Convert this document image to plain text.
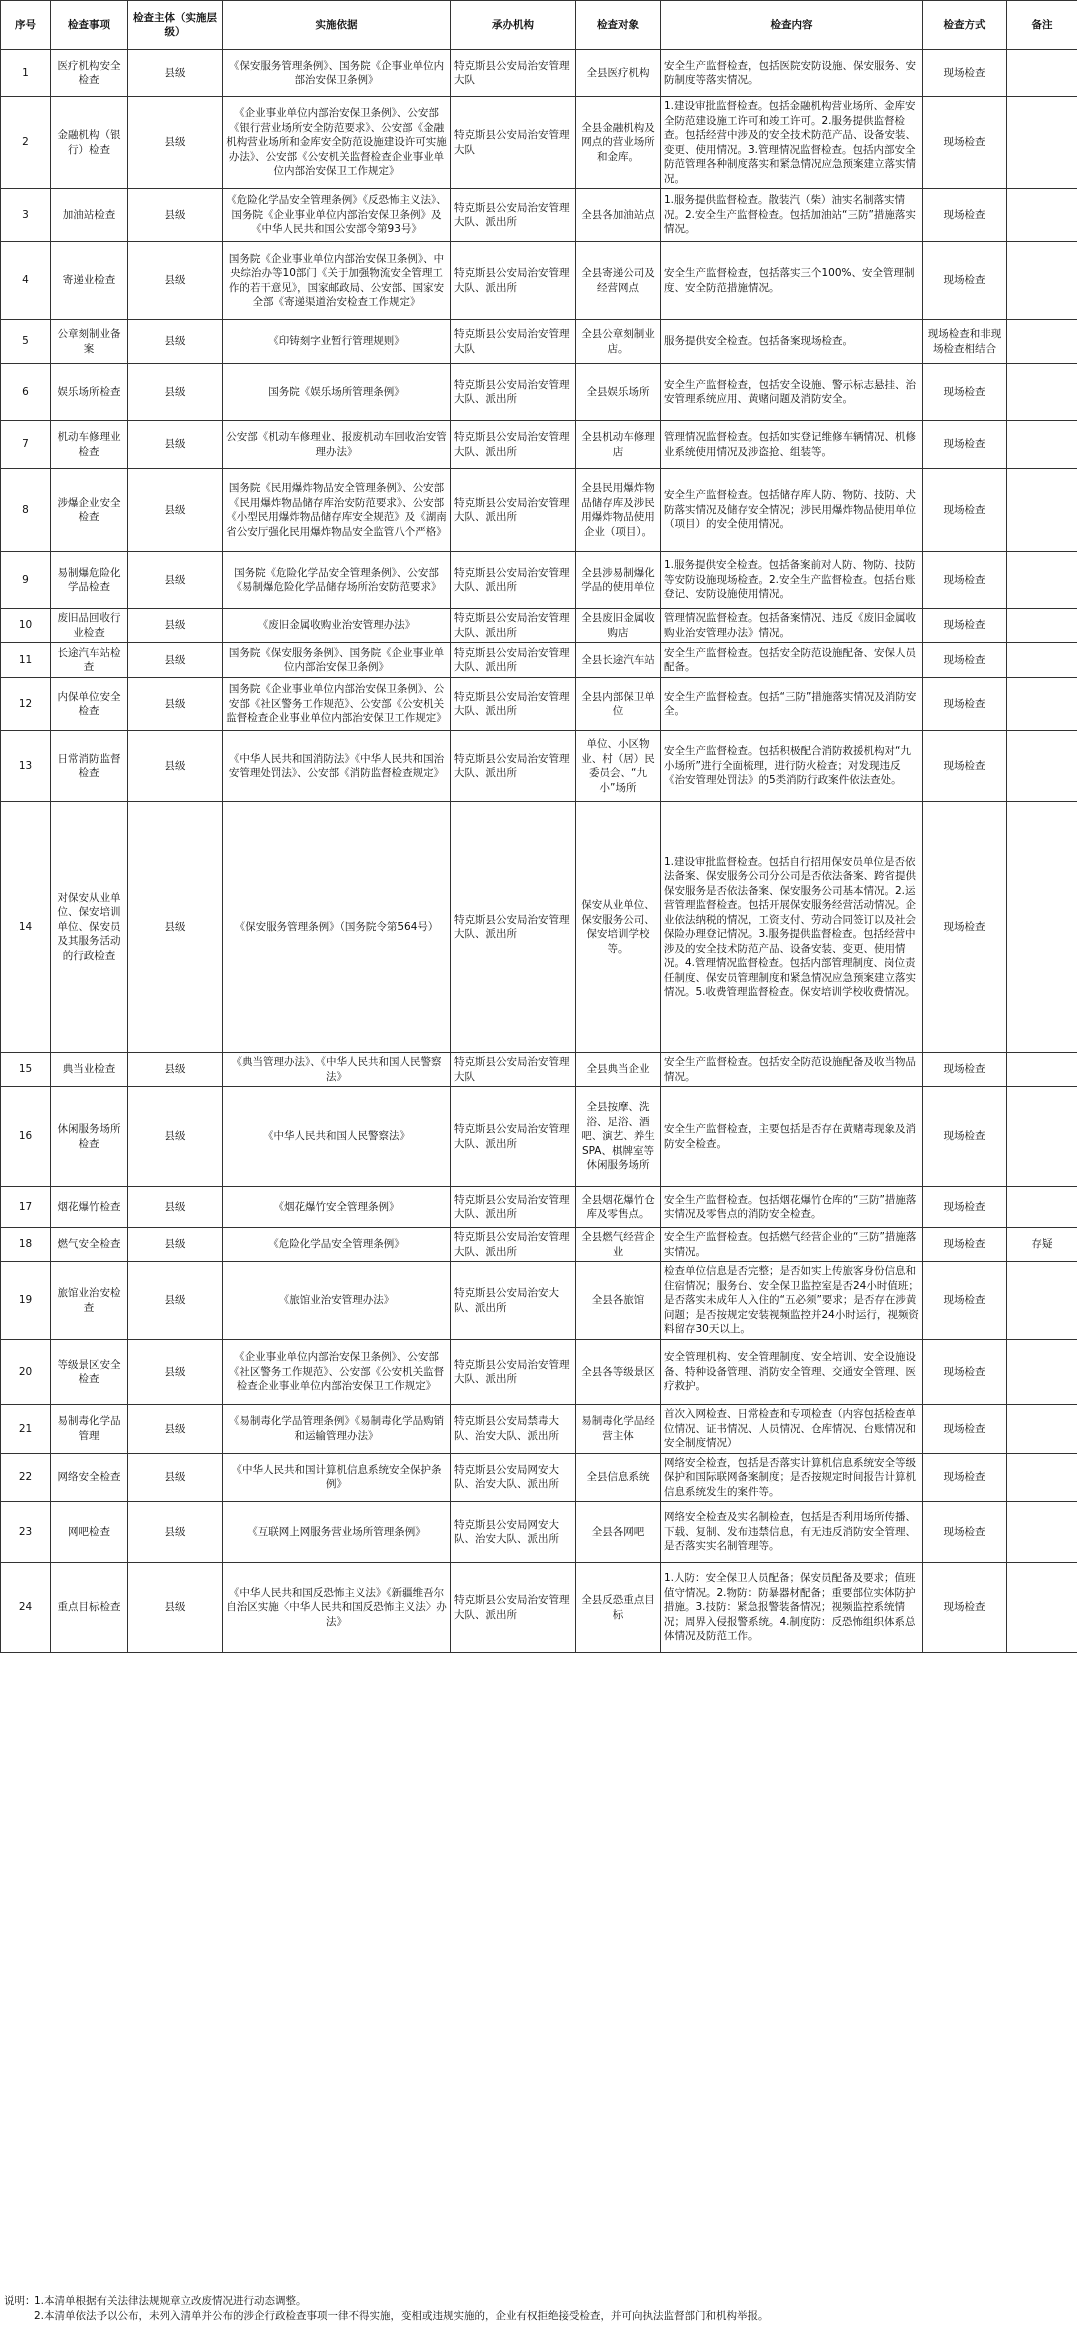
序号	检查事项	检查主体（实施层级）	实施依据	承办机构	检查对象	检查内容	检查方式	备注
1	医疗机构安全检查	县级	《保安服务管理条例》、国务院《企事业单位内部治安保卫条例》	特克斯县公安局治安管理大队	全县医疗机构	安全生产监督检查，包括医院安防设施、保安服务、安防制度等落实情况。	现场检查	
2	金融机构（银行）检查	县级	《企业事业单位内部治安保卫条例》、公安部《银行营业场所安全防范要求》、公安部《金融机构营业场所和金库安全防范设施建设许可实施办法》、公安部《公安机关监督检查企业事业单位内部治安保卫工作规定》	特克斯县公安局治安管理大队	全县金融机构及网点的营业场所和金库。	1.建设审批监督检查。包括金融机构营业场所、金库安全防范建设施工许可和竣工许可。2.服务提供监督检查。包括经营中涉及的安全技术防范产品、设备安装、变更、使用情况。3.管理情况监督检查。包括内部安全防范管理各种制度落实和紧急情况应急预案建立落实情况。	现场检查	
3	加油站检查	县级	《危险化学品安全管理条例》《反恐怖主义法》、国务院《企业事业单位内部治安保卫条例》及《中华人民共和国公安部令第93号》	特克斯县公安局治安管理大队、派出所	全县各加油站点	1.服务提供监督检查。散装汽（柴）油实名制落实情况。2.安全生产监督检查。包括加油站“三防”措施落实情况。	现场检查	
4	寄递业检查	县级	国务院《企业事业单位内部治安保卫条例》、中央综治办等10部门《关于加强物流安全管理工作的若干意见》，国家邮政局、公安部、国家安全部《寄递渠道治安检查工作规定》	特克斯县公安局治安管理大队、派出所	全县寄递公司及经营网点	安全生产监督检查，包括落实三个100%、安全管理制度、安全防范措施情况。	现场检查	
5	公章刻制业备案	县级	《印铸刻字业暂行管理规则》	特克斯县公安局治安管理大队	全县公章刻制业店。	服务提供安全检查。包括备案现场检查。	现场检查和非现场检查相结合	
6	娱乐场所检查	县级	国务院《娱乐场所管理条例》	特克斯县公安局治安管理大队、派出所	全县娱乐场所	安全生产监督检查，包括安全设施、警示标志悬挂、治安管理系统应用、黄赌问题及消防安全。	现场检查	
7	机动车修理业检查	县级	公安部《机动车修理业、报废机动车回收治安管理办法》	特克斯县公安局治安管理大队、派出所	全县机动车修理店	管理情况监督检查。包括如实登记维修车辆情况、机修业系统使用情况及涉盗抢、组装等。	现场检查	
8	涉爆企业安全检查	县级	国务院《民用爆炸物品安全管理条例》、公安部《民用爆炸物品储存库治安防范要求》、公安部《小型民用爆炸物品储存库安全规范》及《湖南省公安厅强化民用爆炸物品安全监管八个严格》	特克斯县公安局治安管理大队、派出所	全县民用爆炸物品储存库及涉民用爆炸物品使用企业（项目）。	安全生产监督检查。包括储存库人防、物防、技防、犬防落实情况及储存安全情况；涉民用爆炸物品使用单位（项目）的安全使用情况。	现场检查	
9	易制爆危险化学品检查	县级	国务院《危险化学品安全管理条例》、公安部《易制爆危险化学品储存场所治安防范要求》	特克斯县公安局治安管理大队、派出所	全县涉易制爆化学品的使用单位	1.服务提供安全检查。包括备案前对人防、物防、技防等安防设施现场检查。2.安全生产监督检查。包括台账登记、安防设施使用情况。	现场检查	
10	废旧品回收行业检查	县级	《废旧金属收购业治安管理办法》	特克斯县公安局治安管理大队、派出所	全县废旧金属收购店	管理情况监督检查。包括备案情况、违反《废旧金属收购业治安管理办法》情况。	现场检查	
11	长途汽车站检查	县级	国务院《保安服务条例》、国务院《企业事业单位内部治安保卫条例》	特克斯县公安局治安管理大队、派出所	全县长途汽车站	安全生产监督检查。包括安全防范设施配备、安保人员配备。	现场检查	
12	内保单位安全检查	县级	国务院《企业事业单位内部治安保卫条例》、公安部《社区警务工作规范》、公安部《公安机关监督检查企业事业单位内部治安保卫工作规定》	特克斯县公安局治安管理大队、派出所	全县内部保卫单位	安全生产监督检查。包括“三防”措施落实情况及消防安全。	现场检查	
13	日常消防监督检查	县级	《中华人民共和国消防法》《中华人民共和国治安管理处罚法》、公安部《消防监督检查规定》	特克斯县公安局治安管理大队、派出所	单位、小区物业、村（居）民委员会、“九小”场所	安全生产监督检查。包括积极配合消防救援机构对“九小场所”进行全面梳理，进行防火检查；对发现违反《治安管理处罚法》的5类消防行政案件依法查处。	现场检查	
14	对保安从业单位、保安培训单位、保安员及其服务活动的行政检查	县级	《保安服务管理条例》（国务院令第564号）	特克斯县公安局治安管理大队、派出所	保安从业单位、保安服务公司、保安培训学校等。	1.建设审批监督检查。包括自行招用保安员单位是否依法备案、保安服务公司分公司是否依法备案、跨省提供保安服务是否依法备案、保安服务公司基本情况。2.运营管理监督检查。包括开展保安服务经营活动情况。企业依法纳税的情况，工资支付、劳动合同签订以及社会保险办理登记情况。3.服务提供监督检查。包括经营中涉及的安全技术防范产品、设备安装、变更、使用情况。4.管理情况监督检查。包括内部管理制度、岗位责任制度、保安员管理制度和紧急情况应急预案建立落实情况。5.收费管理监督检查。保安培训学校收费情况。	现场检查	
15	典当业检查	县级	《典当管理办法》、《中华人民共和国人民警察法》	特克斯县公安局治安管理大队	全县典当企业	安全生产监督检查。包括安全防范设施配备及收当物品情况。	现场检查	
16	休闲服务场所检查	县级	《中华人民共和国人民警察法》	特克斯县公安局治安管理大队、派出所	全县按摩、洗浴、足浴、酒吧、演艺、养生SPA、棋牌室等休闲服务场所	安全生产监督检查，主要包括是否存在黄赌毒现象及消防安全检查。	现场检查	
17	烟花爆竹检查	县级	《烟花爆竹安全管理条例》	特克斯县公安局治安管理大队、派出所	全县烟花爆竹仓库及零售点。	安全生产监督检查。包括烟花爆竹仓库的“三防”措施落实情况及零售点的消防安全检查。	现场检查	
18	燃气安全检查	县级	《危险化学品安全管理条例》	特克斯县公安局治安管理大队、派出所	全县燃气经营企业	安全生产监督检查。包括燃气经营企业的“三防”措施落实情况。	现场检查	存疑
19	旅馆业治安检查	县级	《旅馆业治安管理办法》	特克斯县公安局治安大队、派出所	全县各旅馆	检查单位信息是否完整；是否如实上传旅客身份信息和住宿情况；服务台、安全保卫监控室是否24小时值班；是否落实未成年人入住的“五必须”要求；是否存在涉黄问题；是否按规定安装视频监控并24小时运行，视频资料留存30天以上。	现场检查	
20	等级景区安全检查	县级	《企业事业单位内部治安保卫条例》、公安部《社区警务工作规范》、公安部《公安机关监督检查企业事业单位内部治安保卫工作规定》	特克斯县公安局治安管理大队、派出所	全县各等级景区	安全管理机构、安全管理制度、安全培训、安全设施设备、特种设备管理、消防安全管理、交通安全管理、医疗救护。	现场检查	
21	易制毒化学品管理	县级	《易制毒化学品管理条例》《易制毒化学品购销和运输管理办法》	特克斯县公安局禁毒大队、治安大队、派出所	易制毒化学品经营主体	首次入网检查、日常检查和专项检查（内容包括检查单位情况、证书情况、人员情况、仓库情况、台账情况和安全制度情况）	现场检查	
22	网络安全检查	县级	《中华人民共和国计算机信息系统安全保护条例》	特克斯县公安局网安大队、治安大队、派出所	全县信息系统	网络安全检查，包括是否落实计算机信息系统安全等级保护和国际联网备案制度；是否按规定时间报告计算机信息系统发生的案件等。	现场检查	
23	网吧检查	县级	《互联网上网服务营业场所管理条例》	特克斯县公安局网安大队、治安大队、派出所	全县各网吧	网络安全检查及实名制检查，包括是否利用场所传播、下载、复制、发布违禁信息，有无违反消防安全管理、是否落实实名制管理等。	现场检查	
24	重点目标检查	县级	《中华人民共和国反恐怖主义法》《新疆维吾尔自治区实施〈中华人民共和国反恐怖主义法〉办法》	特克斯县公安局治安管理大队、派出所	全县反恐重点目标	1.人防：安全保卫人员配备；保安员配备及要求；值班值守情况。2.物防：防暴器材配备；重要部位实体防护措施。3.技防：紧急报警装备情况；视频监控系统情况；周界入侵报警系统。4.制度防：反恐怖组织体系总体情况及防范工作。	现场检查	
说明：1.本清单根据有关法律法规规章立改废情况进行动态调整。
2.本清单依法予以公布，未列入清单并公布的涉企行政检查事项一律不得实施，变相或违规实施的，企业有权拒绝接受检查，并可向执法监督部门和机构举报。
